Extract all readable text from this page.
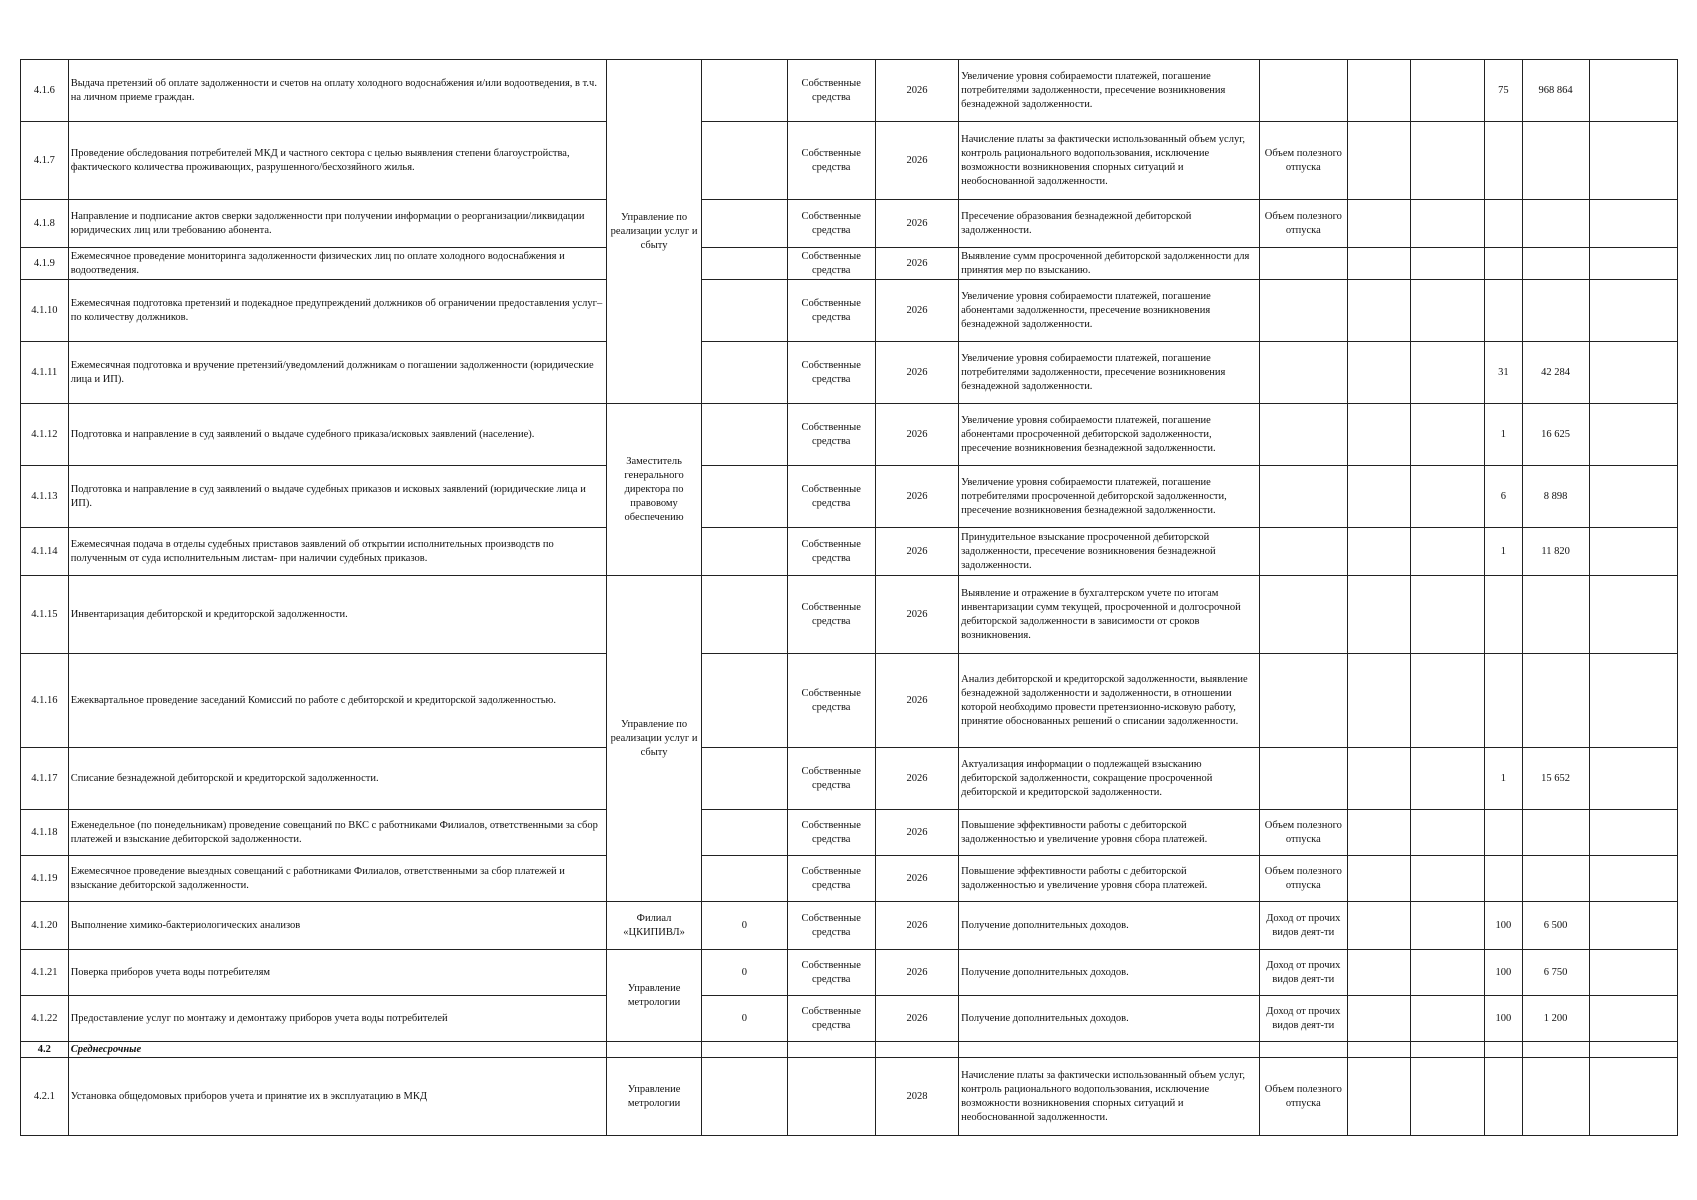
4.1.6	Выдача претензий об оплате задолженности и счетов на оплату холодного водоснабжения и/или водоотведения, в т.ч. на личном приеме граждан.	Управление по реализации услуг и сбыту		Собственные средства	2026	Увеличение уровня собираемости платежей, погашение потребителями задолженности, пресечение возникновения безнадежной задолженности.				75	968 864	
4.1.7	Проведение обследования потребителей МКД и частного сектора с целью выявления степени благоустройства, фактического количества проживающих, разрушенного/бесхозяйного жилья.			Собственные средства	2026	Начисление платы за фактически использованный объем услуг, контроль рационального водопользования, исключение возможности возникновения спорных ситуаций и необоснованной задолженности.	Объем полезного отпуска					
4.1.8	Направление и подписание актов сверки задолженности при получении информации о реорганизации/ликвидации юридических лиц или требованию абонента.			Собственные средства	2026	Пресечение образования безнадежной дебиторской задолженности.	Объем полезного отпуска					
4.1.9	Ежемесячное проведение мониторинга задолженности физических лиц по оплате холодного водоснабжения и водоотведения.			Собственные средства	2026	Выявление сумм просроченной дебиторской задолженности для принятия мер по взысканию.						
4.1.10	Ежемесячная подготовка претензий и подекадное предупреждений должников об ограничении предоставления услуг– по количеству должников.			Собственные средства	2026	Увеличение уровня собираемости платежей, погашение абонентами задолженности, пресечение возникновения безнадежной задолженности.						
4.1.11	Ежемесячная подготовка и вручение претензий/уведомлений должникам о погашении задолженности (юридические лица и ИП).			Собственные средства	2026	Увеличение уровня собираемости платежей, погашение потребителями задолженности, пресечение возникновения безнадежной задолженности.				31	42 284	
4.1.12	Подготовка и направление в суд заявлений о выдаче судебного приказа/исковых заявлений (население).	Заместитель генерального директора по правовому обеспечению		Собственные средства	2026	Увеличение уровня собираемости платежей, погашение абонентами просроченной дебиторской задолженности, пресечение возникновения безнадежной задолженности.				1	16 625	
4.1.13	Подготовка и направление в суд заявлений о выдаче судебных приказов и исковых заявлений (юридические лица и ИП).			Собственные средства	2026	Увеличение уровня собираемости платежей, погашение потребителями просроченной дебиторской задолженности, пресечение возникновения безнадежной задолженности.				6	8 898	
4.1.14	Ежемесячная подача в отделы судебных приставов заявлений об открытии исполнительных производств по полученным от суда исполнительным листам- при наличии судебных приказов.			Собственные средства	2026	Принудительное взыскание просроченной дебиторской задолженности, пресечение возникновения безнадежной задолженности.				1	11 820	
4.1.15	Инвентаризация дебиторской и кредиторской задолженности.	Управление по реализации услуг и сбыту		Собственные средства	2026	Выявление и отражение в бухгалтерском учете по итогам инвентаризации сумм текущей, просроченной и долгосрочной дебиторской задолженности в зависимости от сроков возникновения.						
4.1.16	Ежеквартальное проведение заседаний Комиссий по работе с дебиторской и кредиторской задолженностью.			Собственные средства	2026	Анализ дебиторской и кредиторской задолженности, выявление безнадежной задолженности и задолженности, в отношении которой необходимо провести претензионно-исковую работу, принятие обоснованных решений о списании задолженности.						
4.1.17	Списание безнадежной дебиторской и кредиторской задолженности.			Собственные средства	2026	Актуализация информации о подлежащей взысканию дебиторской задолженности, сокращение просроченной дебиторской и кредиторской задолженности.				1	15 652	
4.1.18	Еженедельное (по понедельникам) проведение совещаний по ВКС с работниками Филиалов, ответственными за сбор платежей и взыскание дебиторской задолженности.			Собственные средства	2026	Повышение эффективности работы с дебиторской задолженностью и увеличение уровня сбора платежей.	Объем полезного отпуска					
4.1.19	Ежемесячное проведение выездных совещаний с работниками Филиалов, ответственными за сбор платежей и взыскание дебиторской задолженности.			Собственные средства	2026	Повышение эффективности работы с дебиторской задолженностью и увеличение уровня сбора платежей.	Объем полезного отпуска					
4.1.20	Выполнение химико-бактериологических анализов	Филиал «ЦКИПИВЛ»	0	Собственные средства	2026	Получение дополнительных доходов.	Доход от прочих видов деят-ти			100	6 500	
4.1.21	Поверка приборов учета воды потребителям	Управление метрологии	0	Собственные средства	2026	Получение дополнительных доходов.	Доход от прочих видов деят-ти			100	6 750	
4.1.22	Предоставление услуг по монтажу и демонтажу приборов учета воды потребителей		0	Собственные средства	2026	Получение дополнительных доходов.	Доход от прочих видов деят-ти			100	1 200	
4.2	Среднесрочные											
4.2.1	Установка общедомовых приборов учета и принятие их в эксплуатацию в МКД	Управление метрологии			2028	Начисление платы за фактически использованный объем услуг, контроль рационального водопользования, исключение возможности возникновения спорных ситуаций и необоснованной задолженности.	Объем полезного отпуска					
